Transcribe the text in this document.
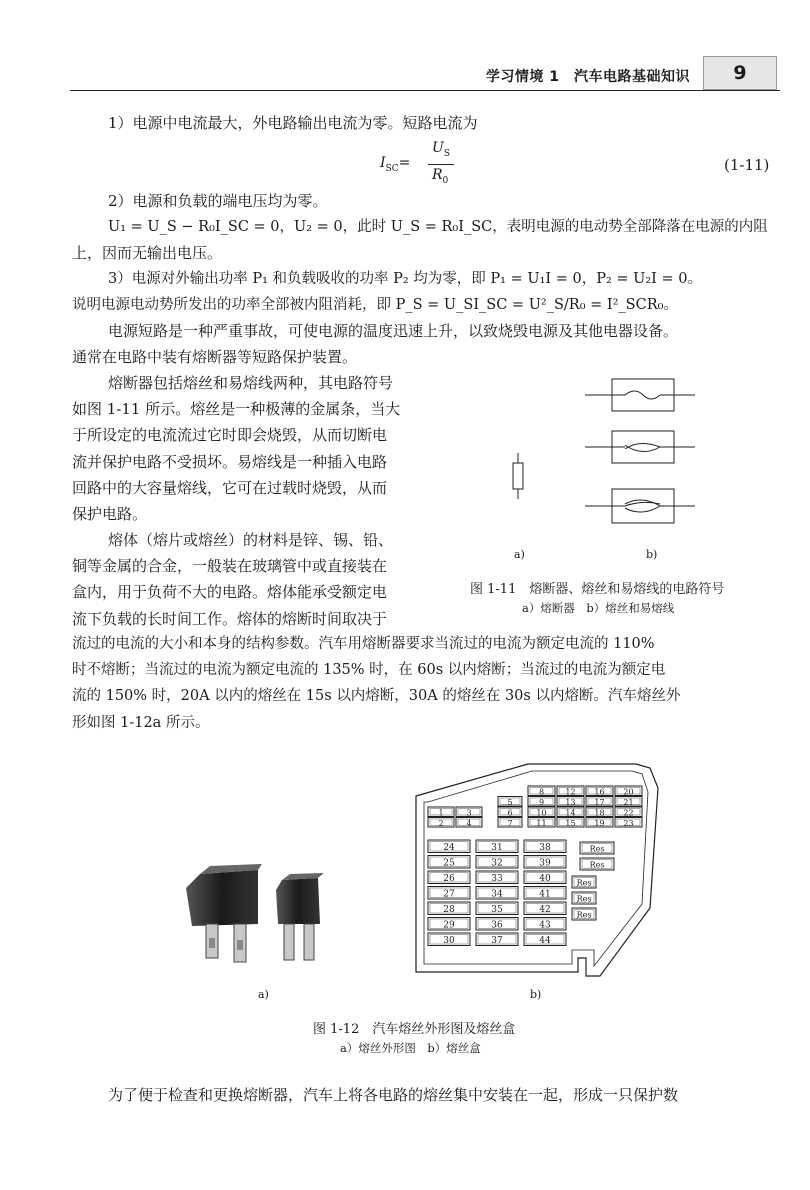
学习情境 1　汽车电路基础知识	9
1）电源中电流最大，外电路输出电流为零。短路电流为
$I_{SC}=$
$U_S$
$R_0$
(1-11)
2）电源和负载的端电压均为零。
U₁ = U_S − R₀I_SC = 0，U₂ = 0，此时 U_S = R₀I_SC，表明电源的电动势全部降落在电源的内阻
上，因而无输出电压。
3）电源对外输出功率 P₁ 和负载吸收的功率 P₂ 均为零，即 P₁ = U₁I = 0，P₂ = U₂I = 0。
说明电源电动势所发出的功率全部被内阻消耗，即 P_S = U_SI_SC = U²_S/R₀ = I²_SCR₀。
电源短路是一种严重事故，可使电源的温度迅速上升，以致烧毁电源及其他电器设备。
通常在电路中装有熔断器等短路保护装置。
熔断器包括熔丝和易熔线两种，其电路符号
如图 1-11 所示。熔丝是一种极薄的金属条，当大
于所设定的电流流过它时即会烧毁，从而切断电
流并保护电路不受损坏。易熔线是一种插入电路
回路中的大容量熔线，它可在过载时烧毁，从而
保护电路。
熔体（熔片或熔丝）的材料是锌、锡、铅、
铜等金属的合金，一般装在玻璃管中或直接装在
盒内，用于负荷不大的电路。熔体能承受额定电
流下负载的长时间工作。熔体的熔断时间取决于
流过的电流的大小和本身的结构参数。汽车用熔断器要求当流过的电流为额定电流的 110%
时不熔断；当流过的电流为额定电流的 135% 时，在 60s 以内熔断；当流过的电流为额定电
流的 150% 时，20A 以内的熔丝在 15s 以内熔断，30A 的熔丝在 30s 以内熔断。汽车熔丝外
形如图 1-12a 所示。
a)	b)
图 1-11　熔断器、熔丝和易熔线的电路符号
a）熔断器　b）熔丝和易熔线
8	12 16 20
9	13 17 21
10 14 18 22
11 15 19 23
5
1	3	6
2	4	7
24
25
26
27
28
29
30
31
32
33
34
35
36
37
38
39
40
41
42
43
44
Res
Res
Res
Res
Res
a)	b)
图 1-12　汽车熔丝外形图及熔丝盒
a）熔丝外形图　b）熔丝盒
为了便于检查和更换熔断器，汽车上将各电路的熔丝集中安装在一起，形成一只保护数
